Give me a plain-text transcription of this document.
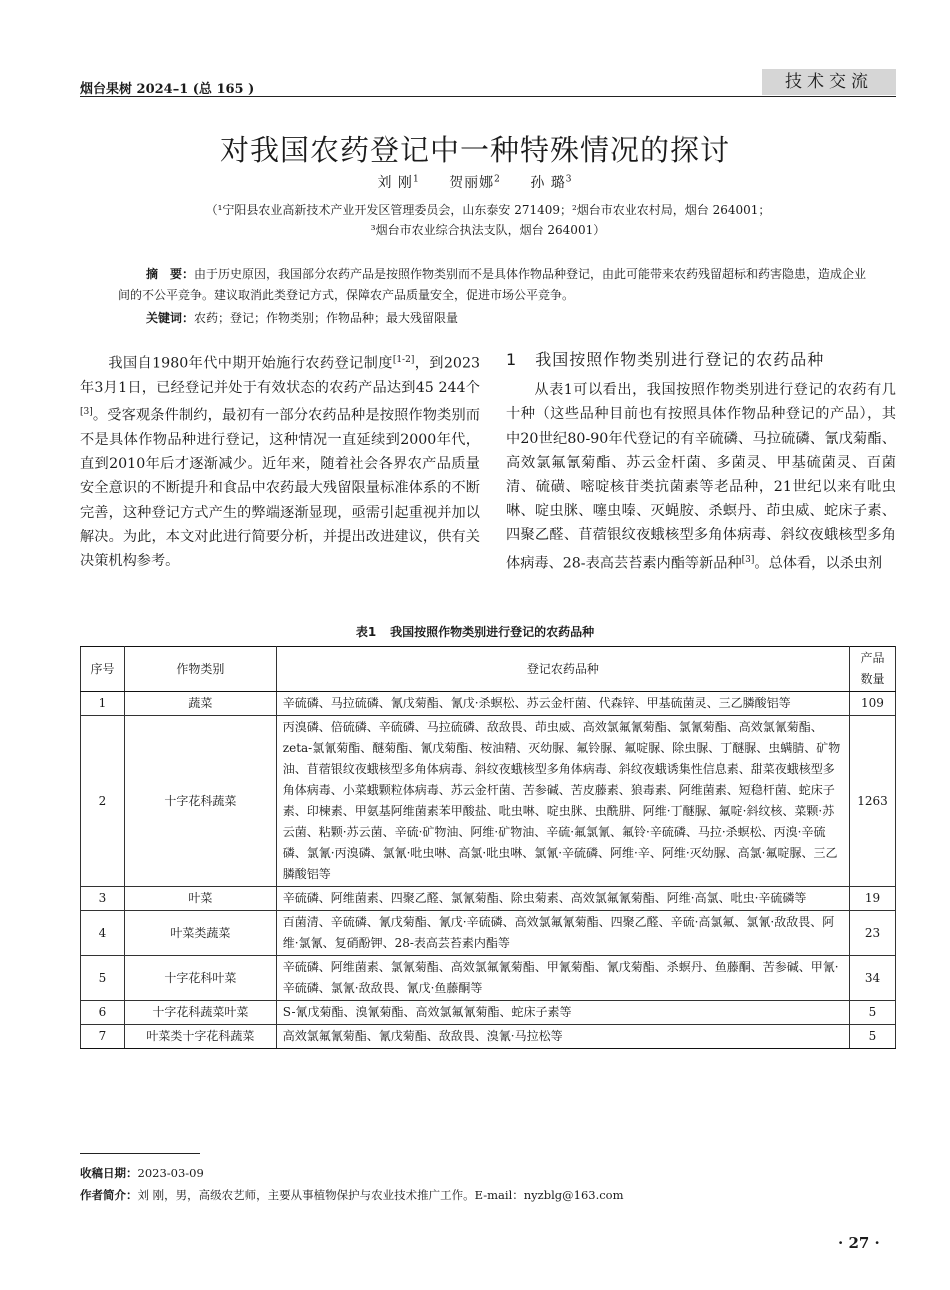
烟台果树 2024–1 (总 165 )	技术交流
对我国农药登记中一种特殊情况的探讨
刘 刚$^1$ 贺丽娜$^2$ 孙 璐$^3$
（¹宁阳县农业高新技术产业开发区管理委员会，山东泰安 271409；²烟台市农业农村局，烟台 264001；
³烟台市农业综合执法支队，烟台 264001）

摘　要：由于历史原因，我国部分农药产品是按照作物类别而不是具体作物品种登记，由此可能带来农药残留超标和药害隐患，造成企业间的不公平竞争。建议取消此类登记方式，保障农产品质量安全，促进市场公平竞争。

关键词：农药；登记；作物类别；作物品种；最大残留限量

我国自1980年代中期开始施行农药登记制度[1-2]，到2023年3月1日，已经登记并处于有效状态的农药产品达到45 244个[3]。受客观条件制约，最初有一部分农药品种是按照作物类别而不是具体作物品种进行登记，这种情况一直延续到2000年代，直到2010年后才逐渐减少。近年来，随着社会各界农产品质量安全意识的不断提升和食品中农药最大残留限量标准体系的不断完善，这种登记方式产生的弊端逐渐显现，亟需引起重视并加以解决。为此，本文对此进行简要分析，并提出改进建议，供有关决策机构参考。

1 我国按照作物类别进行登记的农药品种

从表1可以看出，我国按照作物类别进行登记的农药有几十种（这些品种目前也有按照具体作物品种登记的产品），其中20世纪80-90年代登记的有辛硫磷、马拉硫磷、氰戊菊酯、高效氯氟氰菊酯、苏云金杆菌、多菌灵、甲基硫菌灵、百菌清、硫磺、嘧啶核苷类抗菌素等老品种，21世纪以来有吡虫啉、啶虫脒、噻虫嗪、灭蝇胺、杀螟丹、茚虫威、蛇床子素、四聚乙醛、苜蓿银纹夜蛾核型多角体病毒、斜纹夜蛾核型多角体病毒、28-表高芸苔素内酯等新品种[3]。总体看，以杀虫剂

表1 我国按照作物类别进行登记的农药品种
序号	作物类别	登记农药品种	产品数量
1	蔬菜	辛硫磷、马拉硫磷、氰戊菊酯、氰戊·杀螟松、苏云金杆菌、代森锌、甲基硫菌灵、三乙膦酸铝等	109
2	十字花科蔬菜	丙溴磷、倍硫磷、辛硫磷、马拉硫磷、敌敌畏、茚虫威、高效氯氟氰菊酯、氯氰菊酯、高效氯氰菊酯、zeta-氯氰菊酯、醚菊酯、氰戊菊酯、桉油精、灭幼脲、氟铃脲、氟啶脲、除虫脲、丁醚脲、虫螨腈、矿物油、苜蓿银纹夜蛾核型多角体病毒、斜纹夜蛾核型多角体病毒、斜纹夜蛾诱集性信息素、甜菜夜蛾核型多角体病毒、小菜蛾颗粒体病毒、苏云金杆菌、苦参碱、苦皮藤素、狼毒素、阿维菌素、短稳杆菌、蛇床子素、印楝素、甲氨基阿维菌素苯甲酸盐、吡虫啉、啶虫脒、虫酰肼、阿维·丁醚脲、氟啶·斜纹核、菜颗·苏云菌、粘颗·苏云菌、辛硫·矿物油、阿维·矿物油、辛硫·氟氯氰、氟铃·辛硫磷、马拉·杀螟松、丙溴·辛硫磷、氯氰·丙溴磷、氯氰·吡虫啉、高氯·吡虫啉、氯氰·辛硫磷、阿维·辛、阿维·灭幼脲、高氯·氟啶脲、三乙膦酸铝等	1263
3	叶菜	辛硫磷、阿维菌素、四聚乙醛、氯氰菊酯、除虫菊素、高效氯氟氰菊酯、阿维·高氯、吡虫·辛硫磷等	19
4	叶菜类蔬菜	百菌清、辛硫磷、氰戊菊酯、氰戊·辛硫磷、高效氯氟氰菊酯、四聚乙醛、辛硫·高氯氟、氯氰·敌敌畏、阿维·氯氰、复硝酚钾、28-表高芸苔素内酯等	23
5	十字花科叶菜	辛硫磷、阿维菌素、氯氰菊酯、高效氯氟氰菊酯、甲氰菊酯、氰戊菊酯、杀螟丹、鱼藤酮、苦参碱、甲氰·辛硫磷、氯氰·敌敌畏、氰戊·鱼藤酮等	34
6	十字花科蔬菜叶菜	S-氰戊菊酯、溴氰菊酯、高效氯氟氰菊酯、蛇床子素等	5
7	叶菜类十字花科蔬菜	高效氯氟氰菊酯、氰戊菊酯、敌敌畏、溴氰·马拉松等	5
收稿日期：2023-03-09
作者简介：刘 刚，男，高级农艺师，主要从事植物保护与农业技术推广工作。E-mail：nyzblg@163.com
· 27 ·
